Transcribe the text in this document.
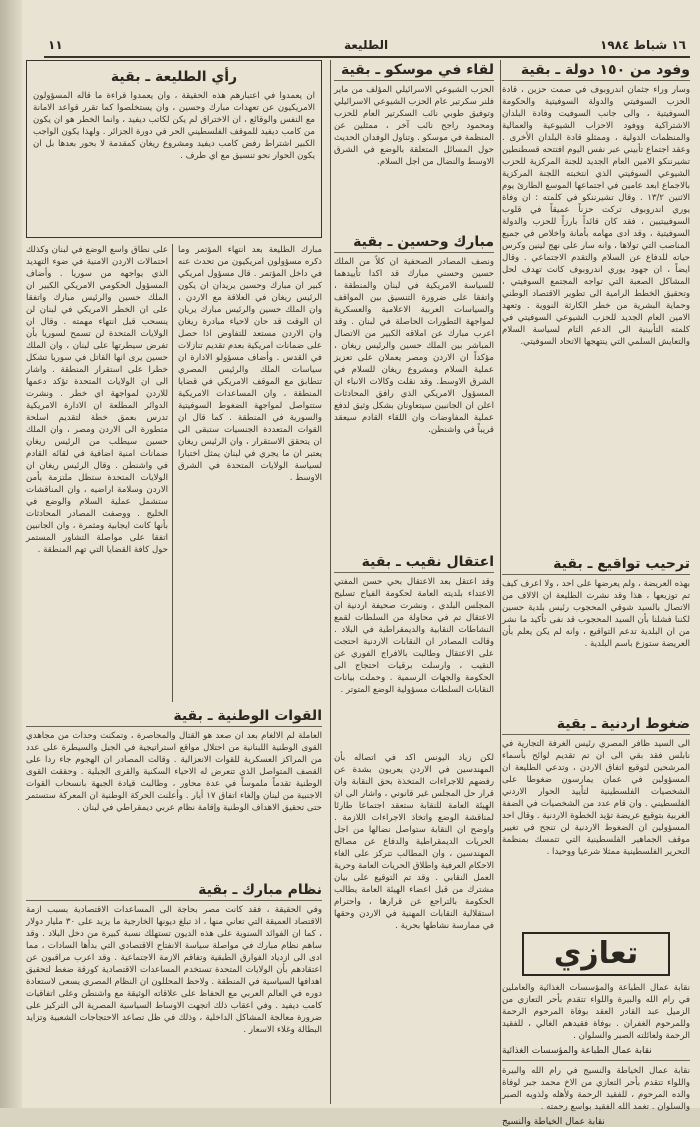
١٦ شباط ١٩٨٤
الطليعة
١١
وفود من ١٥٠ دولة ـ بقية
وسار وراء جثمان اندروبوف في صمت حزين ، قادة الحزب السوفيتي والدولة السوفيتية والحكومة السوفيتية ، والى جانب السوفيت وفادة البلدان الاشتراكية ووفود الاحزاب الشيوعية والعمالية والمنظمات الدولية ، وممثلو قادة البلدان الأخرى . وعقد اجتماع تأبيني عبر نفس اليوم افتتحه قسطنطين تشيرننكو الامين العام الجديد للجنة المركزية للحزب الشيوعي السوفيتي الذي انتخبته اللجنة المركزية بالاجماع ابعد عامين في اجتماعها الموسع الطارئ يوم الاثنين ١٣/٢ . وقال تشيرننكو في كلمته : ان وفاة يوري اندروبوف تركت حزناً عميقاً في قلوب السوفييتيين ، فقد كان قائداً بارزاً للحزب والدولة السوفيتية ، وقد ادى مهامه بأمانة واخلاص في جميع المناصب التي تولاها ، وانه سار على نهج لينين وكرس حياته للدفاع عن السلام والتقدم الاجتماعي . وقال ايضاً ، ان جهود يوري اندروبوف كانت تهدف لحل المشاكل الصعبة التي تواجه المجتمع السوفيتي ، وتحقيق الخطط الرامية الى تطوير الاقتصاد الوطني وحماية البشرية من خطر الكارثة النووية . وتعهد الامين العام الجديد للحزب الشيوعي السوفيتي في كلمته التأبينية الى الدعم التام لسياسة السلام والتعايش السلمي التي ينتهجها الاتحاد السوفيتي.
ترحيب تواقيع ـ بقية
بهذه العريضة ، ولم يعرضها على احد ، ولا اعرف كيف تم توزيعها ، هذا وقد نشرت الطليعة ان الالاف من الاتصال بالسيد شوقي المحجوب رئيس بلدية حسين لكننا فشلنا بأن السيد المحجوب قد نفى تأكيد ما نشر من ان البلدية تدعم التواقيع ، وانه لم يكن يعلم بأن العريضة ستوزع باسم البلدية .
ضغوط اردنية ـ بقية
الى السيد ظافر المصري رئيس الغرفة التجارية في نابلس فقد بقي الى ان تم تقديم لوائح بأسماء المرشحين لتوقيع اتفاق الاردن ، وتدعي الطليعة ان المسؤولين في عمان يمارسون ضغوطا على الشخصيات الفلسطينية لتأييد الحوار الاردني الفلسطيني . وان قام عدد من الشخصيات في الضفة الغربية بتوقيع عريضة تؤيد الخطوة الاردنية . وقال احد المسؤولين ان الضغوط الاردنية لن تنجح في تغيير موقف الجماهير الفلسطينية التي تتمسك بمنظمة التحرير الفلسطينية ممثلا شرعيا ووحيدا .
تعازي
نقابة عمال الطباعة والمؤسسات الغذائية والعاملين في رام الله والبيرة واللواء تتقدم بأحر التعازي من الزميل عبد القادر العقد بوفاة المرحوم الرحمة وللمرحوم الغفران . بوفاة فقيدهم الغالي ، للفقيد الرحمة ولعائلته الصبر والسلوان .
نقابة عمال الطباعة والمؤسسات الغذائية
نقابة عمال الخياطة والنسيج في رام الله والبيرة واللواء تتقدم بأحر التعازي من الاخ محمد جبر لوفاة والده المرحوم ، للفقيد الرحمة ولأهله ولذويه الصبر والسلوان . تغمد الله الفقيد بواسع رحمته .
نقابة عمال الخياطة والنسيج
لقاء في موسكو ـ بقية
الحزب الشيوعي الاسرائيلي المؤلف من ماير فلنر سكرتير عام الحزب الشيوعي الاسرائيلي وتوفيق طوبي نائب السكرتير العام للحزب ومحمود راجح نائب آخر ، ممثلين عن المنظمة في موسكو . وتناول الوفدان الحديث حول المسائل المتعلقة بالوضع في الشرق الاوسط والنضال من اجل السلام.
مبارك وحسين ـ بقية
ونصف المصادر الصحفية ان كلاً من الملك حسين وحسني مبارك قد اكدا تأييدهما للسياسة الامريكية في لبنان والمنطقة ، واتفقا على ضرورة التنسيق بين المواقف والسياسات العربية الاعلامية والعسكرية لمواجهة التطورات الحاصلة في لبنان . وقد اعرب مبارك عن املاقه الكبير من الاتصال المباشر بين الملك حسين والرئيس ريغان ، مؤكداً ان الاردن ومصر يعملان على تعزيز عملية السلام ومشروع ريغان للسلام في الشرق الاوسط. وقد نقلت وكالات الانباء ان المسؤول الامريكي الذي رافق المحادثات اعلن ان الجانبين سيتعاونان بشكل وثيق لدفع عملية المفاوضات وان اللقاء القادم سيعقد قريباً في واشنطن.
اعتقال نقيب ـ بقية
وقد اعتقل بعد الاعتقال بحي حسن المفتي الاعتداء بلديته العامة لحكومة الفياح تسليح المجلس البلدي ، ونشرت صحيفة اردنية ان الاعتقال تم في محاولة من السلطات لقمع النشاطات النقابية والديمقراطية في البلاد . وقالت المصادر ان النقابات الاردنية احتجت على الاعتقال وطالبت بالافراج الفوري عن النقيب ، وارسلت برقيات احتجاج الى الحكومة والجهات الرسمية . وحملت بيانات النقابات السلطات مسؤولية الوضع المتوتر .
لكن زياد اليونس اكد في اتصاله بأن المهندسين في الاردن يعربون بشدة عن رفضهم للاجراءات المتخذة بحق النقابة وان قرار حل المجلس غير قانوني ، واشار الى ان الهيئة العامة للنقابة ستعقد اجتماعا طارئا لمناقشة الوضع واتخاذ الاجراءات اللازمة . واوضح ان النقابة ستواصل نضالها من اجل الحريات الديمقراطية والدفاع عن مصالح المهندسين ، وان المطالب تتركز على الغاء الاحكام العرفية واطلاق الحريات العامة وحرية العمل النقابي . وقد تم التوقيع على بيان مشترك من قبل اعضاء الهيئة العامة يطالب الحكومة بالتراجع عن قرارها ، واحترام استقلالية النقابات المهنية في الاردن وحقها في ممارسة نشاطها بحرية .
رأي الطليعة ـ بقية
ان يعمدوا في اعتبارهم هذه الحقيقة ، وان يعمدوا قراءة ما قاله المسؤولون الامريكيون عن تعهدات مبارك وحسين ، وان يستخلصوا كما تقرر قواعد الامانة مع النفس والوقائع ، ان الاختراق لم يكن لكاتب ديفيد ، وانما الخطر هو ان يكون من كامب ديفيد للموقف الفلسطيني الحر في دورة الجزائر . ولهذا يكون الواجب الكبير اشتراط رفض كامب ديفيد ومشروع ريغان كمقدمة لا بحور بعدها بل ان يكون الحوار نحو تنسيق مع اي طرف .
على نطاق واسع الوضع في لبنان وكذلك احتمالات الاردن الامنية في ضوء التهديد الذي يواجهه من سوريا . وأضاف المسؤول الحكومي الامريكي الكبير ان الملك حسين والرئيس مبارك واتفقا على ان الخطر الامريكي في لبنان لن ينسحب قبل انتهاء مهمته . وقال ان الولايات المتحدة لن تسمح لسوريا بأن تفرض سيطرتها على لبنان ، وان الملك حسين يرى انها القاتل في سوريا تشكل خطرا على استقرار المنطقة . واشار الى ان الولايات المتحدة تؤكد دعمها للاردن لمواجهة اي خطر . ونشرت الدوائر المطلعة ان الادارة الامريكية تدرس بعمق خطة لتقديم اسلحة متطورة الى الاردن ومصر ، وان الملك حسين سيطلب من الرئيس ريغان ضمانات امنية اضافية في لقائه القادم في واشنطن . وقال الرئيس ريغان ان الولايات المتحدة ستظل ملتزمة بأمن الاردن وسلامة اراضيه ، وان المناقشات ستشمل عملية السلام والوضع في الخليج . ووصفت المصادر المحادثات بأنها كانت ايجابية ومثمرة ، وان الجانبين اتفقا على مواصلة التشاور المستمر حول كافة القضايا التي تهم المنطقة .
مبارك الطليعة بعد انتهاء المؤتمر وما ذكره مسؤولون امريكيون من تحدث عنه في داخل المؤتمر . قال مسؤول امريكي كبير ان مبارك وحسين يريدان ان يكون الرئيس ريغان في العلاقة مع الاردن ، وان الملك حسين والرئيس مبارك يريان ان الوقت قد حان لاحياء مبادرة ريغان وان الاردن مستعد للتفاوض اذا حصل على ضمانات امريكية بعدم تقديم تنازلات في القدس . وأضاف مسؤولو الادارة ان سياسات الملك والرئيس المصري تتطابق مع الموقف الامريكي في قضايا المنطقة ، وان المساعدات الامريكية ستتواصل لمواجهة الضغوط السوفيتية والسورية في المنطقة . كما قال ان القوات المتعددة الجنسيات ستبقى الى ان يتحقق الاستقرار ، وان الرئيس ريغان يعتبر ان ما يجري في لبنان يمثل اختبارا لسياسة الولايات المتحدة في الشرق الاوسط .
القوات الوطنية ـ بقية
العاملة لم الالغام بعد ان صعد هو القتال والمحاصرة ، وتمكنت وحدات من مجاهدي القوى الوطنية اللبنانية من احتلال مواقع استراتيجية في الجبل والسيطرة على عدد من المراكز العسكرية للقوات الانعزالية . وقالت المصادر ان الهجوم جاء ردا على القصف المتواصل الذي تتعرض له الاحياء السكنية والقرى الجبلية . وحققت القوى الوطنية تقدماً ملموساً في عدة محاور ، وطالبت قيادة الجبهة بانسحاب القوات الاجنبية من لبنان وإلغاء اتفاق ١٧ أيار . وأعلنت الحركة الوطنية ان المعركة ستستمر حتى تحقيق الاهداف الوطنية وإقامة نظام عربي ديمقراطي في لبنان .
نظام مبارك ـ بقية
وفي الحقيقة ، فقد كانت مصر بحاجة الى المساعدات الاقتصادية بسبب ازمة الاقتصاد العميقة التي تعاني منها ، اذ تبلغ ديونها الخارجية ما يزيد على ٣٠ مليار دولار ، كما ان الفوائد السنوية على هذه الديون تستهلك نسبة كبيرة من دخل البلاد . وقد ساهم نظام مبارك في مواصلة سياسة الانفتاح الاقتصادي التي بدأها السادات ، مما ادى الى ازدياد الفوارق الطبقية وتفاقم الازمة الاجتماعية . وقد اعرب مراقبون عن اعتقادهم بأن الولايات المتحدة تستخدم المساعدات الاقتصادية كورقة ضغط لتحقيق اهدافها السياسية في المنطقة . ولاحظ المحللون ان النظام المصري يسعى لاستعادة دوره في العالم العربي مع الحفاظ على علاقاته الوثيقة مع واشنطن وعلى اتفاقيات كامب ديفيد . وفي اعقاب ذلك اتجهت الاوساط السياسية المصرية الى التركيز على ضرورة معالجة المشاكل الداخلية ، وذلك في ظل تصاعد الاحتجاجات الشعبية وتزايد البطالة وغلاء الاسعار .
